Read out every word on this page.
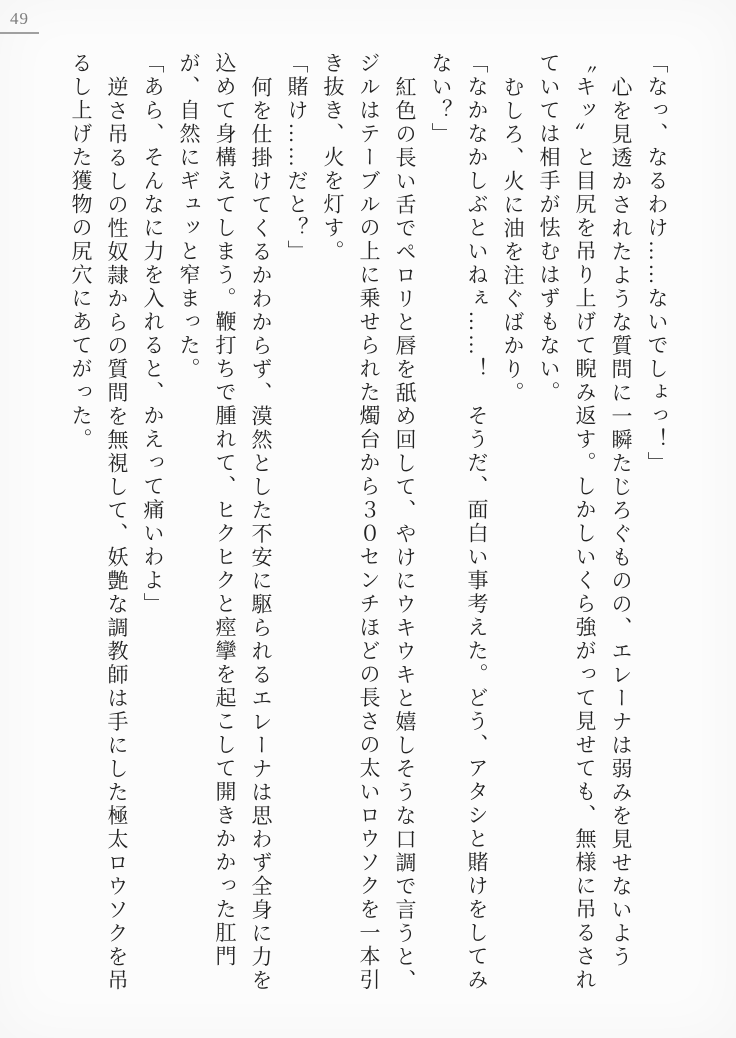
49

「なっ、なるわけ……ないでしょっ！」

心を見透かされたような質問に一瞬たじろぐものの、エレーナは弱みを見せないよう〝キッ〟と目尻を吊り上げて睨み返す。しかしいくら強がって見せても、無様に吊るされていては相手が怯むはずもない。

むしろ、火に油を注ぐばかり。

「なかなかしぶといねぇ……！　そうだ、面白い事考えた。どう、アタシと賭けをしてみない？」

紅色の長い舌でペロリと唇を舐め回して、やけにウキウキと嬉しそうな口調で言うと、ジルはテーブルの上に乗せられた燭台から３０センチほどの長さの太いロウソクを一本引き抜き、火を灯す。

「賭け……だと？」

何を仕掛けてくるかわからず、漠然とした不安に駆られるエレーナは思わず全身に力を込めて身構えてしまう。鞭打ちで腫れて、ヒクヒクと痙攣を起こして開きかかった肛門が、自然にギュッと窄まった。

「あら、そんなに力を入れると、かえって痛いわよ」

逆さ吊るしの性奴隷からの質問を無視して、妖艶な調教師は手にした極太ロウソクを吊るし上げた獲物の尻穴にあてがった。
